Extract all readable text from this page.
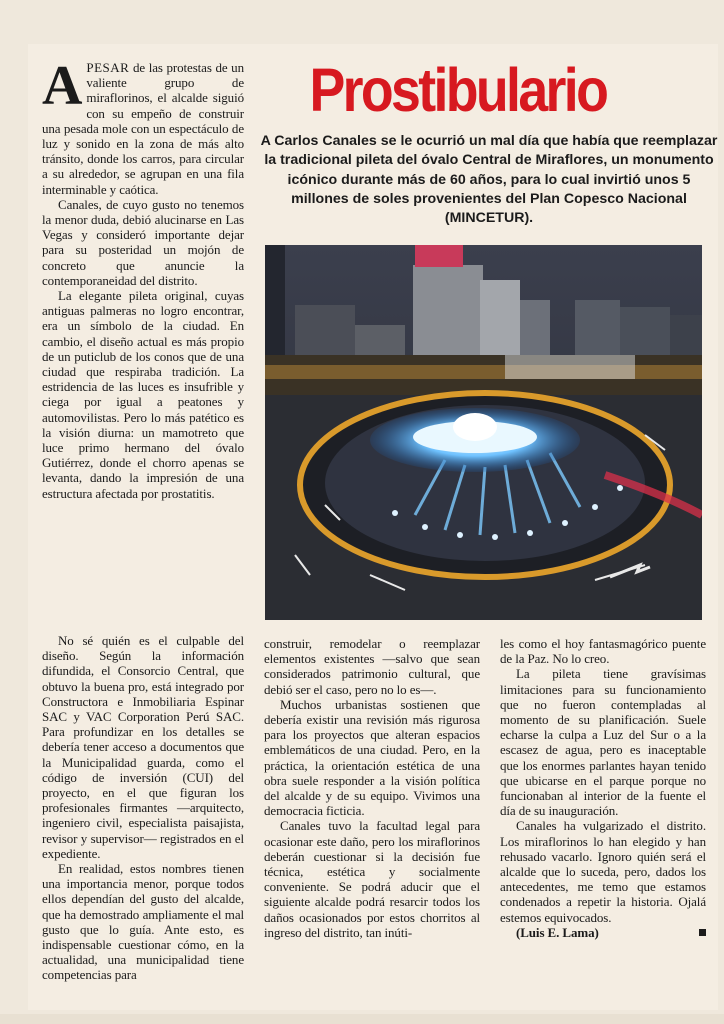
APESAR de las protestas de un valiente grupo de miraflorinos, el alcalde siguió con su empeño de construir una pesada mole con un espectáculo de luz y sonido en la zona de más alto tránsito, donde los carros, para circular a su alrededor, se agrupan en una fila interminable y caótica.

Canales, de cuyo gusto no tenemos la menor duda, debió alucinarse en Las Vegas y consideró importante dejar para su posteridad un mojón de concreto que anuncie la contemporaneidad del distrito.

La elegante pileta original, cuyas antiguas palmeras no logro encontrar, era un símbolo de la ciudad. En cambio, el diseño actual es más propio de un puticlub de los conos que de una ciudad que respiraba tradición. La estridencia de las luces es insufrible y ciega por igual a peatones y automovilistas. Pero lo más patético es la visión diurna: un mamotreto que luce primo hermano del óvalo Gutiérrez, donde el chorro apenas se levanta, dando la impresión de una estructura afectada por prostatitis.

No sé quién es el culpable del diseño. Según la información difundida, el Consorcio Central, que obtuvo la buena pro, está integrado por Constructora e Inmobiliaria Espinar SAC y VAC Corporation Perú SAC. Para profundizar en los detalles se debería tener acceso a documentos que la Municipalidad guarda, como el código de inversión (CUI) del proyecto, en el que figuran los profesionales firmantes —arquitecto, ingeniero civil, especialista paisajista, revisor y supervisor— registrados en el expediente.

En realidad, estos nombres tienen una importancia menor, porque todos ellos dependían del gusto del alcalde, que ha demostrado ampliamente el mal gusto que lo guía. Ante esto, es indispensable cuestionar cómo, en la actualidad, una municipalidad tiene competencias para

Prostibulario
A Carlos Canales se le ocurrió un mal día que había que reemplazar la tradicional pileta del óvalo Central de Miraflores, un monumento icónico durante más de 60 años, para lo cual invirtió unos 5 millones de soles provenientes del Plan Copesco Nacional (MINCETUR).

construir, remodelar o reemplazar elementos existentes —salvo que sean considerados patrimonio cultural, que debió ser el caso, pero no lo es—.

Muchos urbanistas sostienen que debería existir una revisión más rigurosa para los proyectos que alteran espacios emblemáticos de una ciudad. Pero, en la práctica, la orientación estética de una obra suele responder a la visión política del alcalde y de su equipo. Vivimos una democracia ficticia.

Canales tuvo la facultad legal para ocasionar este daño, pero los miraflorinos deberán cuestionar si la decisión fue técnica, estética y socialmente conveniente. Se podrá aducir que el siguiente alcalde podrá resarcir todos los daños ocasionados por estos chorritos al ingreso del distrito, tan inúti-

les como el hoy fantasmagórico puente de la Paz. No lo creo.

La pileta tiene gravísimas limitaciones para su funcionamiento que no fueron contempladas al momento de su planificación. Suele echarse la culpa a Luz del Sur o a la escasez de agua, pero es inaceptable que los enormes parlantes hayan tenido que ubicarse en el parque porque no funcionaban al interior de la fuente el día de su inauguración.

Canales ha vulgarizado el distrito. Los miraflorinos lo han elegido y han rehusado vacarlo. Ignoro quién será el alcalde que lo suceda, pero, dados los antecedentes, me temo que estamos condenados a repetir la historia. Ojalá estemos equivocados.

(Luis E. Lama)
